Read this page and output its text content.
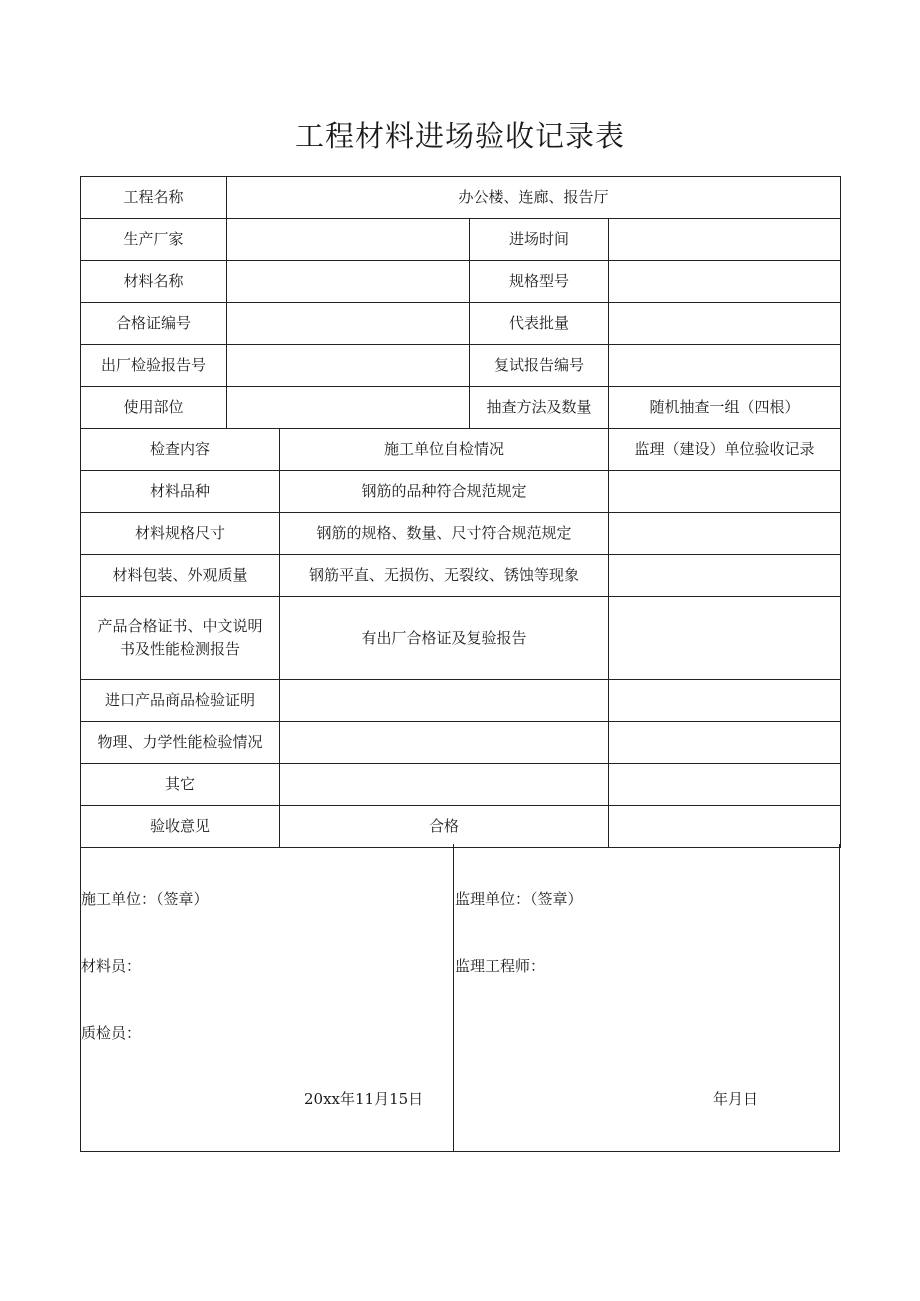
工程材料进场验收记录表
工程名称	办公楼、连廊、报告厅			
生产厂家			进场时间	
材料名称			规格型号	
合格证编号			代表批量	
出厂检验报告号			复试报告编号	
使用部位			抽查方法及数量	随机抽查一组（四根）
检查内容		施工单位自检情况		监理（建设）单位验收记录
材料品种		钢筋的品种符合规范规定		
材料规格尺寸		钢筋的规格、数量、尺寸符合规范规定		
材料包装、外观质量		钢筋平直、无损伤、无裂纹、锈蚀等现象		

产品合格证书、中文说明
书及性能检测报告		有出厂合格证及复验报告		
进口产品商品检验证明				
物理、力学性能检验情况				
其它				
验收意见		合格		
施工单位：（签章）
材料员：
质检员：
20xx年11月15日
监理单位：（签章）
监理工程师：
年月日
